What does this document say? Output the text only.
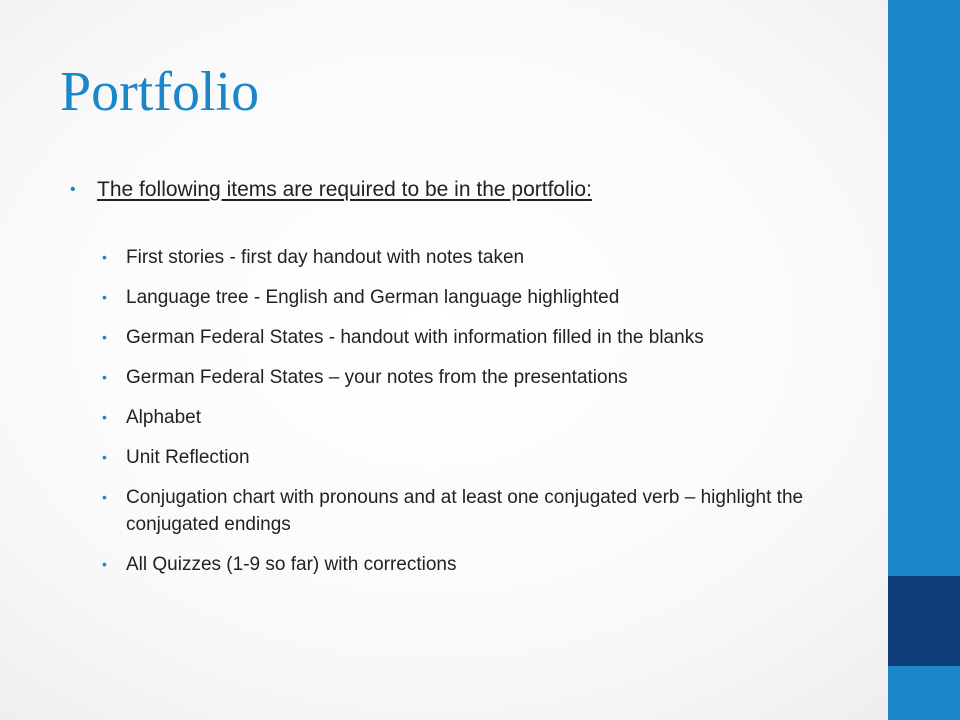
Portfolio
• The following items are required to be in the portfolio:
• First stories - first day handout with notes taken
• Language tree - English and German language highlighted
• German Federal States - handout with information filled in the blanks
• German Federal States – your notes from the presentations
• Alphabet
• Unit Reflection
• Conjugation chart with pronouns and at least one conjugated verb – highlight the conjugated endings
• All Quizzes (1-9 so far) with corrections
